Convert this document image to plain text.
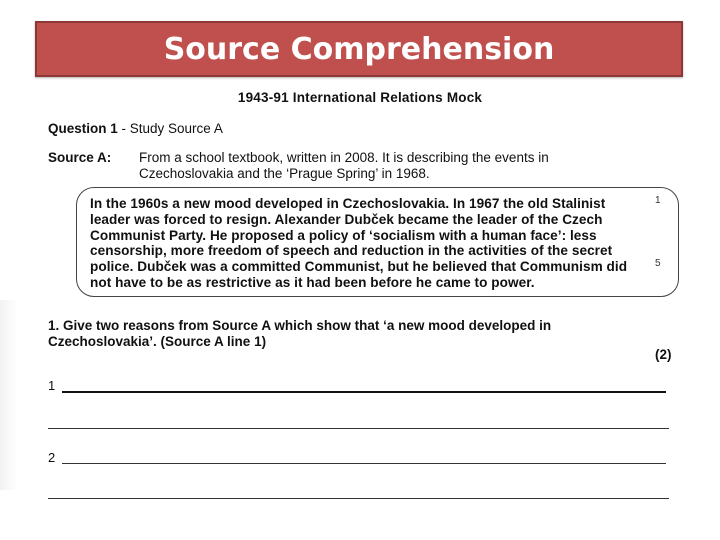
Source Comprehension
1943-91 International Relations Mock
Question 1 - Study Source A
Source A: From a school textbook, written in 2008. It is describing the events in Czechoslovakia and the ‘Prague Spring’ in 1968.
In the 1960s a new mood developed in Czechoslovakia. In 1967 the old Stalinist leader was forced to resign. Alexander Dubček became the leader of the Czech Communist Party. He proposed a policy of ‘socialism with a human face’: less censorship, more freedom of speech and reduction in the activities of the secret police. Dubček was a committed Communist, but he believed that Communism did not have to be as restrictive as it had been before he came to power.
1
5
1. Give two reasons from Source A which show that ‘a new mood developed in Czechoslovakia’. (Source A line 1)
(2)
1
2
